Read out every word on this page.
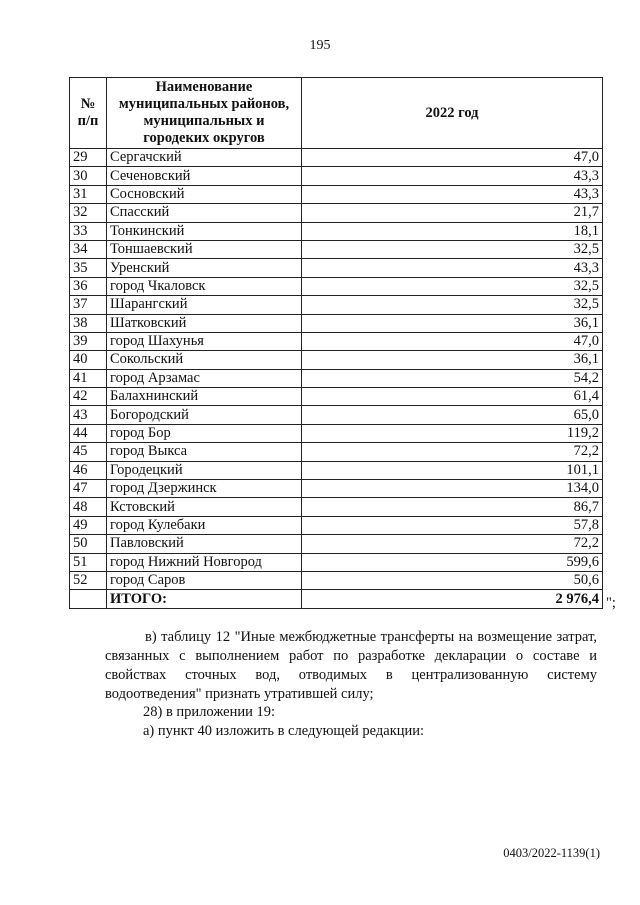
195
№ п/п	Наименование муниципальных районов, муниципальных и городеких округов	2022 год
29	Сергачский	47,0
30	Сеченовский	43,3
31	Сосновский	43,3
32	Спасский	21,7
33	Тонкинский	18,1
34	Тоншаевский	32,5
35	Уренский	43,3
36	город Чкаловск	32,5
37	Шарангский	32,5
38	Шатковский	36,1
39	город Шахунья	47,0
40	Сокольский	36,1
41	город Арзамас	54,2
42	Балахнинский	61,4
43	Богородский	65,0
44	город Бор	119,2
45	город Выкса	72,2
46	Городецкий	101,1
47	город Дзержинск	134,0
48	Кстовский	86,7
49	город Кулебаки	57,8
50	Павловский	72,2
51	город Нижний Новгород	599,6
52	город Саров	50,6
	ИТОГО:	2 976,4 ";
в) таблицу 12 "Иные межбюджетные трансферты на возмещение затрат, связанных с выполнением работ по разработке декларации о составе и свойствах сточных вод, отводимых в централизованную систему водоотведения" признать утратившей силу;
28) в приложении 19:
а) пункт 40 изложить в следующей редакции:
0403/2022-1139(1)
